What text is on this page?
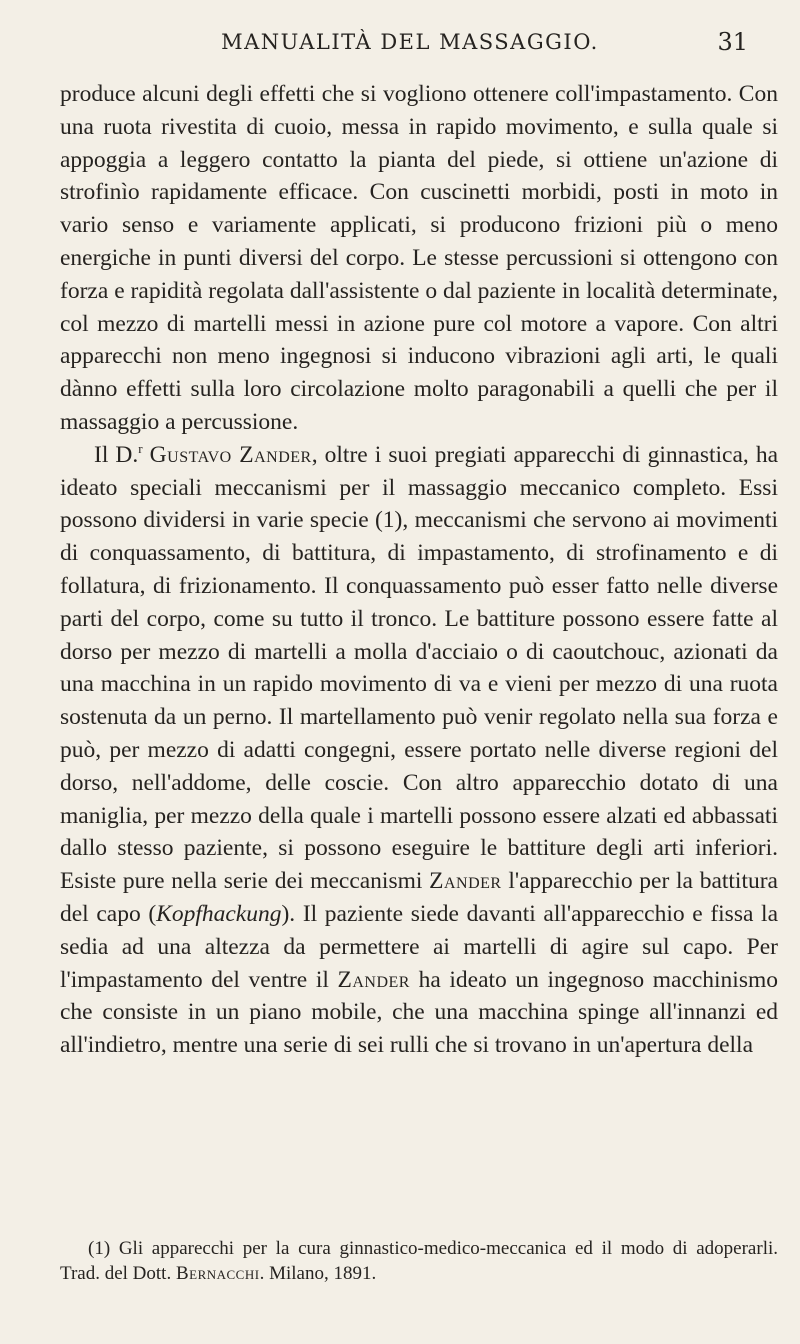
MANUALITÀ DEL MASSAGGIO.	31

produce alcuni degli effetti che si vogliono ottenere coll'impastamento. Con una ruota rivestita di cuoio, messa in rapido movimento, e sulla quale si appoggia a leggero contatto la pianta del piede, si ottiene un'azione di strofinìo rapidamente efficace. Con cuscinetti morbidi, posti in moto in vario senso e variamente applicati, si producono frizioni più o meno energiche in punti diversi del corpo. Le stesse percussioni si ottengono con forza e rapidità regolata dall'assistente o dal paziente in località determinate, col mezzo di martelli messi in azione pure col motore a vapore. Con altri apparecchi non meno ingegnosi si inducono vibrazioni agli arti, le quali dànno effetti sulla loro circolazione molto paragonabili a quelli che per il massaggio a percussione.

Il D.$^r$ Gustavo Zander, oltre i suoi pregiati apparecchi di ginnastica, ha ideato speciali meccanismi per il massaggio meccanico completo. Essi possono dividersi in varie specie (1), meccanismi che servono ai movimenti di conquassamento, di battitura, di impastamento, di strofinamento e di follatura, di frizionamento. Il conquassamento può esser fatto nelle diverse parti del corpo, come su tutto il tronco. Le battiture possono essere fatte al dorso per mezzo di martelli a molla d'acciaio o di caoutchouc, azionati da una macchina in un rapido movimento di va e vieni per mezzo di una ruota sostenuta da un perno. Il martellamento può venir regolato nella sua forza e può, per mezzo di adatti congegni, essere portato nelle diverse regioni del dorso, nell'addome, delle coscie. Con altro apparecchio dotato di una maniglia, per mezzo della quale i martelli possono essere alzati ed abbassati dallo stesso paziente, si possono eseguire le battiture degli arti inferiori. Esiste pure nella serie dei meccanismi Zander l'apparecchio per la battitura del capo (Kopfhackung). Il paziente siede davanti all'apparecchio e fissa la sedia ad una altezza da permettere ai martelli di agire sul capo. Per l'impastamento del ventre il Zander ha ideato un ingegnoso macchinismo che consiste in un piano mobile, che una macchina spinge all'innanzi ed all'indietro, mentre una serie di sei rulli che si trovano in un'apertura della

(1) Gli apparecchi per la cura ginnastico-medico-meccanica ed il modo di adoperarli. Trad. del Dott. Bernacchi. Milano, 1891.
